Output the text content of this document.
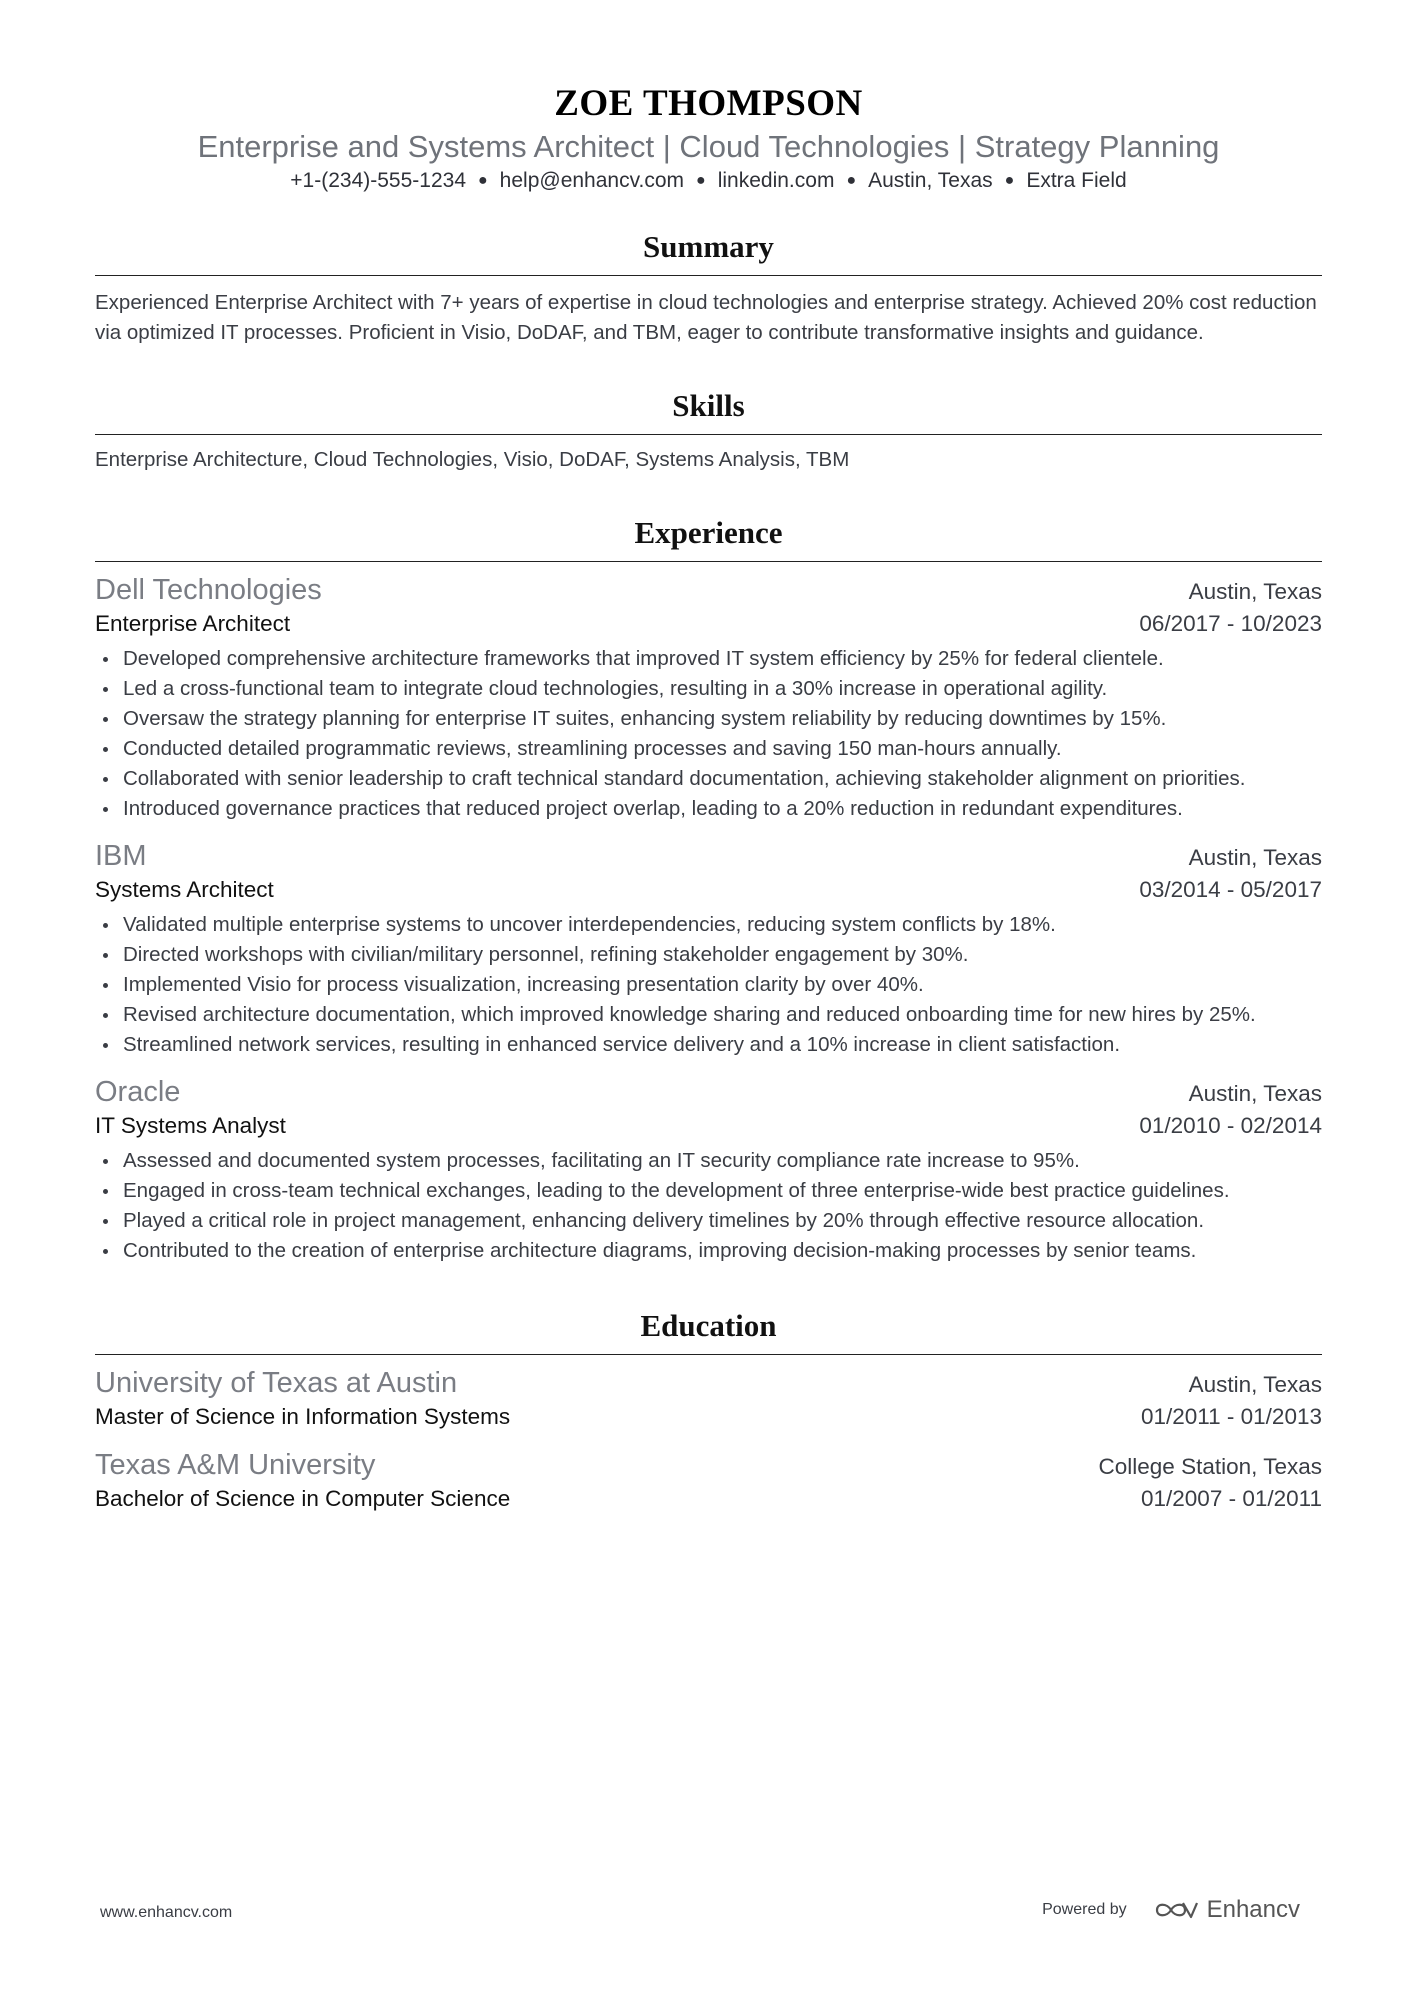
ZOE THOMPSON
Enterprise and Systems Architect | Cloud Technologies | Strategy Planning
+1-(234)-555-1234 ● help@enhancv.com ● linkedin.com ● Austin, Texas ● Extra Field
Summary
Experienced Enterprise Architect with 7+ years of expertise in cloud technologies and enterprise strategy. Achieved 20% cost reduction via optimized IT processes. Proficient in Visio, DoDAF, and TBM, eager to contribute transformative insights and guidance.
Skills
Enterprise Architecture, Cloud Technologies, Visio, DoDAF, Systems Analysis, TBM
Experience
Dell Technologies	Austin, Texas
Enterprise Architect	06/2017 - 10/2023
Developed comprehensive architecture frameworks that improved IT system efficiency by 25% for federal clientele.
Led a cross-functional team to integrate cloud technologies, resulting in a 30% increase in operational agility.
Oversaw the strategy planning for enterprise IT suites, enhancing system reliability by reducing downtimes by 15%.
Conducted detailed programmatic reviews, streamlining processes and saving 150 man-hours annually.
Collaborated with senior leadership to craft technical standard documentation, achieving stakeholder alignment on priorities.
Introduced governance practices that reduced project overlap, leading to a 20% reduction in redundant expenditures.
IBM	Austin, Texas
Systems Architect	03/2014 - 05/2017
Validated multiple enterprise systems to uncover interdependencies, reducing system conflicts by 18%.
Directed workshops with civilian/military personnel, refining stakeholder engagement by 30%.
Implemented Visio for process visualization, increasing presentation clarity by over 40%.
Revised architecture documentation, which improved knowledge sharing and reduced onboarding time for new hires by 25%.
Streamlined network services, resulting in enhanced service delivery and a 10% increase in client satisfaction.
Oracle	Austin, Texas
IT Systems Analyst	01/2010 - 02/2014
Assessed and documented system processes, facilitating an IT security compliance rate increase to 95%.
Engaged in cross-team technical exchanges, leading to the development of three enterprise-wide best practice guidelines.
Played a critical role in project management, enhancing delivery timelines by 20% through effective resource allocation.
Contributed to the creation of enterprise architecture diagrams, improving decision-making processes by senior teams.
Education
University of Texas at Austin	Austin, Texas
Master of Science in Information Systems	01/2011 - 01/2013
Texas A&M University	College Station, Texas
Bachelor of Science in Computer Science	01/2007 - 01/2011
www.enhancv.com	Powered by	Enhancv
